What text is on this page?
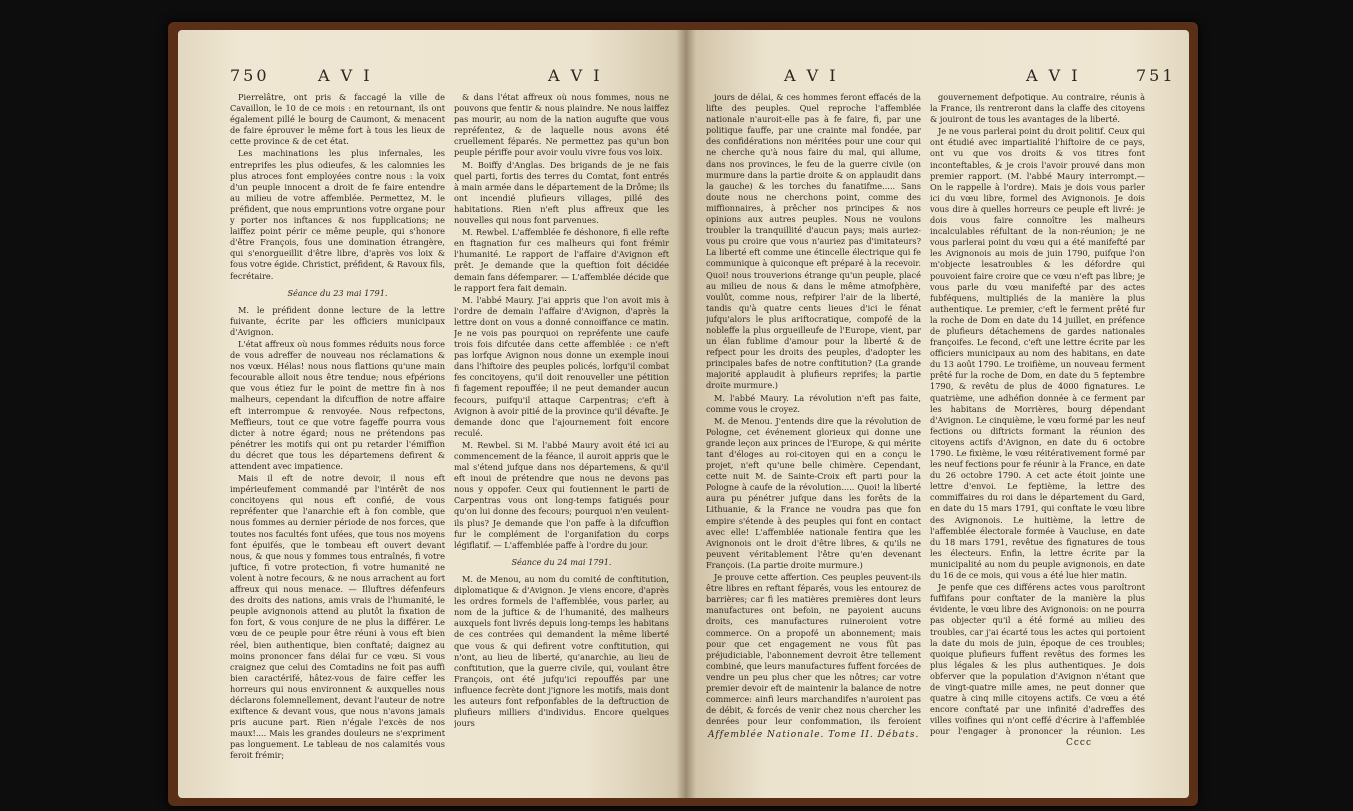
750	A V I	A V I

Pierrelâtre, ont pris & faccagé la ville de Cavaillon, le 10 de ce mois : en retournant, ils ont également pillé le bourg de Caumont, & menacent de faire éprouver le même fort à tous les lieux de cette province & de cet état.

Les machinations les plus infernales, les entreprifes les plus odieufes, & les calomnies les plus atroces font employées contre nous : la voix d'un peuple innocent a droit de fe faire entendre au milieu de votre affemblée. Permettez, M. le préfident, que nous empruntions votre organe pour y porter nos inftances & nos fupplications; ne laiffez point périr ce même peuple, qui s'honore d'être François, fous une domination étrangère, qui s'enorgueillit d'être libre, d'après vos loix & fous votre égide. Christict, préfident, & Ravoux fils, fecrétaire.

Séance du 23 mai 1791.

M. le préfident donne lecture de la lettre fuivante, écrite par les officiers municipaux d'Avignon.

L'état affreux où nous fommes réduits nous force de vous adreffer de nouveau nos réclamations & nos vœux. Hélas! nous nous flattions qu'une main fecourable alloit nous être tendue; nous efpérions que vous étiez fur le point de mettre fin à nos malheurs, cependant la difcuffion de notre affaire eft interrompue & renvoyée. Nous refpectons, Meffieurs, tout ce que votre fageffe pourra vous dicter à notre égard; nous ne prétendons pas pénétrer les motifs qui ont pu retarder l'émiffion du décret que tous les départemens defirent & attendent avec impatience.

Mais il eft de notre devoir, il nous eft impérieufement commandé par l'intérêt de nos concitoyens qui nous eft confié, de vous repréfenter que l'anarchie eft à fon comble, que nous fommes au dernier période de nos forces, que toutes nos facultés font ufées, que tous nos moyens font épuifés, que le tombeau eft ouvert devant nous, & que nous y fommes tous entraînés, fi votre juftice, fi votre protection, fi votre humanité ne volent à notre fecours, & ne nous arrachent au fort affreux qui nous menace. — Illuftres défenfeurs des droits des nations, amis vrais de l'humanité, le peuple avignonois attend au plutôt la fixation de fon fort, & vous conjure de ne plus la différer. Le vœu de ce peuple pour être réuni à vous eft bien réel, bien authentique, bien conftaté; daignez au moins prononcer fans délai fur ce vœu. Si vous craignez que celui des Comtadins ne foit pas auffi bien caractérifé, hâtez-vous de faire ceffer les horreurs qui nous environnent & auxquelles nous déclarons folemnellement, devant l'auteur de notre exiftence & devant vous, que nous n'avons jamais pris aucune part. Rien n'égale l'excès de nos maux!.... Mais les grandes douleurs ne s'expriment pas longuement. Le tableau de nos calamités vous feroit frémir;

& dans l'état affreux où nous fommes, nous ne pouvons que fentir & nous plaindre. Ne nous laiffez pas mourir, au nom de la nation augufte que vous repréfentez, & de laquelle nous avons été cruellement féparés. Ne permettez pas qu'un bon peuple périffe pour avoir voulu vivre fous vos loix.

M. Boiffy d'Anglas. Des brigands de je ne fais quel parti, fortis des terres du Comtat, font entrés à main armée dans le département de la Drôme; ils ont incendié plufieurs villages, pillé des habitations. Rien n'eft plus affreux que les nouvelles qui nous font parvenues.

M. Rewbel. L'affemblée fe déshonore, fi elle refte en ftagnation fur ces malheurs qui font frémir l'humanité. Le rapport de l'affaire d'Avignon eft prêt. Je demande que la queftion foit décidée demain fans défemparer. — L'affemblée décide que le rapport fera fait demain.

M. l'abbé Maury. J'ai appris que l'on avoit mis à l'ordre de demain l'affaire d'Avignon, d'après la lettre dont on vous a donné connoiffance ce matin. Je ne vois pas pourquoi on repréfente une caufe trois fois difcutée dans cette affemblée : ce n'eft pas lorfque Avignon nous donne un exemple inoui dans l'hiftoire des peuples policés, lorfqu'il combat fes concitoyens, qu'il doit renouveller une pétition fi fagement repouffée; il ne peut demander aucun fecours, puifqu'il attaque Carpentras; c'eft à Avignon à avoir pitié de la province qu'il dévafte. Je demande donc que l'ajournement foit encore reculé.

M. Rewbel. Si M. l'abbé Maury avoit été ici au commencement de la féance, il auroit appris que le mal s'étend jufque dans nos départemens, & qu'il eft inoui de prétendre que nous ne devons pas nous y oppofer. Ceux qui foutiennent le parti de Carpentras vous ont long-temps fatigués pour qu'on lui donne des fecours; pourquoi n'en veulent-ils plus? Je demande que l'on paffe à la difcuffion fur le complément de l'organifation du corps légiflatif. — L'affemblée paffe à l'ordre du jour.

Séance du 24 mai 1791.

M. de Menou, au nom du comité de conftitution, diplomatique & d'Avignon. Je viens encore, d'après les ordres formels de l'affemblée, vous parler, au nom de la juftice & de l'humanité, des malheurs auxquels font livrés depuis long-temps les habitans de ces contrées qui demandent la même liberté que vous & qui defirent votre conftitution, qui n'ont, au lieu de liberté, qu'anarchie, au lieu de conftitution, que la guerre civile, qui, voulant être François, ont été jufqu'ici repouffés par une influence fecrète dont j'ignore les motifs, mais dont les auteurs font refponfables de la deftruction de plufieurs milliers d'individus. Encore quelques jours

A V I	A V I	751

jours de délai, & ces hommes feront effacés de la lifte des peuples. Quel reproche l'affemblée nationale n'auroit-elle pas à fe faire, fi, par une politique fauffe, par une crainte mal fondée, par des confidérations non méritées pour une cour qui ne cherche qu'à nous faire du mal, qui allume, dans nos provinces, le feu de la guerre civile (on murmure dans la partie droite & on applaudit dans la gauche) & les torches du fanatifme..... Sans doute nous ne cherchons point, comme des miffionnaires, à prêcher nos principes & nos opinions aux autres peuples. Nous ne voulons troubler la tranquillité d'aucun pays; mais auriez-vous pu croire que vous n'auriez pas d'imitateurs? La liberté eft comme une étincelle électrique qui fe communique à quiconque eft préparé à la recevoir. Quoi! nous trouverions étrange qu'un peuple, placé au milieu de nous & dans le même atmofphère, voulût, comme nous, refpirer l'air de la liberté, tandis qu'à quatre cents lieues d'ici le fénat jufqu'alors le plus ariftocratique, compofé de la nobleffe la plus orgueilleufe de l'Europe, vient, par un élan fublime d'amour pour la liberté & de refpect pour les droits des peuples, d'adopter les principales bafes de notre conftitution? (La grande majorité applaudit à plufieurs reprifes; la partie droite murmure.)

M. l'abbé Maury. La révolution n'eft pas faite, comme vous le croyez.

M. de Menou. J'entends dire que la révolution de Pologne, cet événement glorieux qui donne une grande leçon aux princes de l'Europe, & qui mérite tant d'éloges au roi-citoyen qui en a conçu le projet, n'eft qu'une belle chimère. Cependant, cette nuit M. de Sainte-Croix eft parti pour la Pologne à caufe de la révolution..... Quoi! la liberté aura pu pénétrer jufque dans les forêts de la Lithuanie, & la France ne voudra pas que fon empire s'étende à des peuples qui font en contact avec elle! L'affemblée nationale fentira que les Avignonois ont le droit d'être libres, & qu'ils ne peuvent véritablement l'être qu'en devenant François. (La partie droite murmure.)

Je prouve cette affertion. Ces peuples peuvent-ils être libres en reftant féparés, vous les entourez de barrières; car fi les matières premières dont leurs manufactures ont befoin, ne payoient aucuns droits, ces manufactures ruineroient votre commerce. On a propofé un abonnement; mais pour que cet engagement ne vous fût pas préjudiciable, l'abonnement devroit être tellement combiné, que leurs manufactures fuffent forcées de vendre un peu plus cher que les nôtres; car votre premier devoir eft de maintenir la balance de notre commerce: ainfi leurs marchandifes n'auroient pas de débit, & forcés de venir chez nous chercher les denrées pour leur confommation, ils feroient

gouvernement defpotique. Au contraire, réunis à la France, ils rentreront dans la claffe des citoyens & jouiront de tous les avantages de la liberté.

Je ne vous parlerai point du droit politif. Ceux qui ont étudié avec impartialité l'hiftoire de ce pays, ont vu que vos droits & vos titres font inconteftables, & je crois l'avoir prouvé dans mon premier rapport. (M. l'abbé Maury interrompt.— On le rappelle à l'ordre). Mais je dois vous parler ici du vœu libre, formel des Avignonois. Je dois vous dire à quelles horreurs ce peuple eft livré: je dois vous faire connoître les malheurs incalculables réfultant de la non-réunion; je ne vous parlerai point du vœu qui a été manifefté par les Avignonois au mois de juin 1790, puifque l'on m'objecte lesatroubles & les défordre qui pouvoient faire croire que ce vœu n'eft pas libre; je vous parle du vœu manifefté par des actes fubféquens, multipliés de la manière la plus authentique. Le premier, c'eft le ferment prêté fur la roche de Dom en date du 14 juillet, en préfence de plufieurs détachemens de gardes nationales françoifes. Le fecond, c'eft une lettre écrite par les officiers municipaux au nom des habitans, en date du 13 août 1790. Le troifième, un nouveau ferment prêté fur la roche de Dom, en date du 5 feptembre 1790, & revêtu de plus de 4000 fignatures. Le quatrième, une adhéfion donnée à ce ferment par les habitans de Morrières, bourg dépendant d'Avignon. Le cinquième, le vœu formé par les neuf fections ou diftricts formant la réunion des citoyens actifs d'Avignon, en date du 6 octobre 1790. Le fixième, le vœu réitérativement formé par les neuf fections pour fe réunir à la France, en date du 26 octobre 1790. A cet acte étoit jointe une lettre d'envoi. Le feptième, la lettre des commiffaires du roi dans le département du Gard, en date du 15 mars 1791, qui conftate le vœu libre des Avignonois. Le huitième, la lettre de l'affemblée électorale formée à Vaucluse, en date du 18 mars 1791, revêtue des fignatures de tous les électeurs. Enfin, la lettre écrite par la municipalité au nom du peuple avignonois, en date du 16 de ce mois, qui vous a été lue hier matin.

Je penfe que ces différens actes vous paroîtront fuffifans pour conftater de la manière la plus évidente, le vœu libre des Avignonois: on ne pourra pas objecter qu'il a été formé au milieu des troubles, car j'ai écarté tous les actes qui portoient la date du mois de juin, époque de ces troubles; quoique plufieurs fuffent revêtus des formes les plus légales & les plus authentiques. Je dois obferver que la population d'Avignon n'étant que de vingt-quatre mille ames, ne peut donner que quatre à cinq mille citoyens actifs. Ce vœu a été encore conftaté par une infinité d'adreffes des villes voifines qui n'ont ceffé d'écrire à l'affemblée pour l'engager à prononcer la réunion. Les

Affemblée Nationale. Tome II. Débats.
Cccc
